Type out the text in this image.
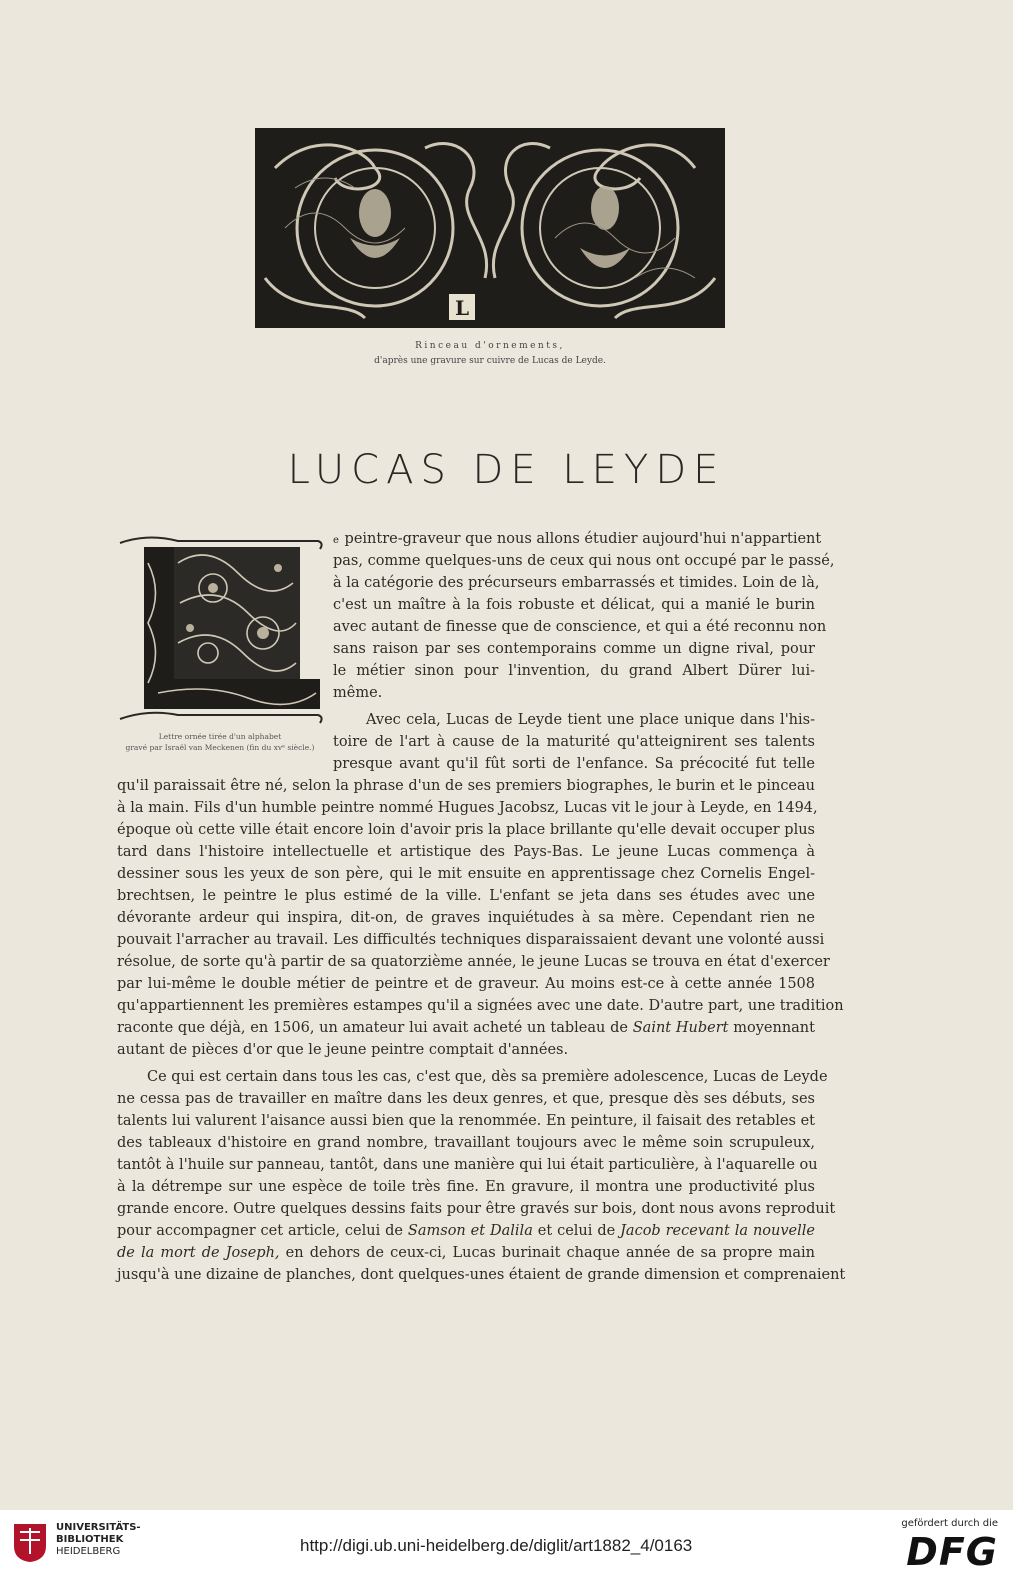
L
Rinceau d'ornements,
d'après une gravure sur cuivre de Lucas de Leyde.
LUCAS DE LEYDE
L
Lettre ornée tirée d'un alphabet
gravé par Israël van Meckenen (fin du xvᵉ siècle.)
e peintre-graveur que nous allons étudier aujourd'hui n'appartient
pas, comme quelques-uns de ceux qui nous ont occupé par le passé,
à la catégorie des précurseurs embarrassés et timides. Loin de là,
c'est un maître à la fois robuste et délicat, qui a manié le burin
avec autant de finesse que de conscience, et qui a été reconnu non
sans raison par ses contemporains comme un digne rival, pour
le métier sinon pour l'invention, du grand Albert Dürer lui-
même.
Avec cela, Lucas de Leyde tient une place unique dans l'his-
toire de l'art à cause de la maturité qu'atteignirent ses talents
presque avant qu'il fût sorti de l'enfance. Sa précocité fut telle
qu'il paraissait être né, selon la phrase d'un de ses premiers biographes, le burin et le pinceau
à la main. Fils d'un humble peintre nommé Hugues Jacobsz, Lucas vit le jour à Leyde, en 1494,
époque où cette ville était encore loin d'avoir pris la place brillante qu'elle devait occuper plus
tard dans l'histoire intellectuelle et artistique des Pays-Bas. Le jeune Lucas commença à
dessiner sous les yeux de son père, qui le mit ensuite en apprentissage chez Cornelis Engel-
brechtsen, le peintre le plus estimé de la ville. L'enfant se jeta dans ses études avec une
dévorante ardeur qui inspira, dit-on, de graves inquiétudes à sa mère. Cependant rien ne
pouvait l'arracher au travail. Les difficultés techniques disparaissaient devant une volonté aussi
résolue, de sorte qu'à partir de sa quatorzième année, le jeune Lucas se trouva en état d'exercer
par lui-même le double métier de peintre et de graveur. Au moins est-ce à cette année 1508
qu'appartiennent les premières estampes qu'il a signées avec une date. D'autre part, une tradition
raconte que déjà, en 1506, un amateur lui avait acheté un tableau de Saint Hubert moyennant
autant de pièces d'or que le jeune peintre comptait d'années.
Ce qui est certain dans tous les cas, c'est que, dès sa première adolescence, Lucas de Leyde
ne cessa pas de travailler en maître dans les deux genres, et que, presque dès ses débuts, ses
talents lui valurent l'aisance aussi bien que la renommée. En peinture, il faisait des retables et
des tableaux d'histoire en grand nombre, travaillant toujours avec le même soin scrupuleux,
tantôt à l'huile sur panneau, tantôt, dans une manière qui lui était particulière, à l'aquarelle ou
à la détrempe sur une espèce de toile très fine. En gravure, il montra une productivité plus
grande encore. Outre quelques dessins faits pour être gravés sur bois, dont nous avons reproduit
pour accompagner cet article, celui de Samson et Dalila et celui de Jacob recevant la nouvelle
de la mort de Joseph, en dehors de ceux-ci, Lucas burinait chaque année de sa propre main
jusqu'à une dizaine de planches, dont quelques-unes étaient de grande dimension et comprenaient
UNIVERSITÄTS-
BIBLIOTHEK
HEIDELBERG	http://digi.ub.uni-heidelberg.de/diglit/art1882_4/0163
gefördert durch die
DFG
